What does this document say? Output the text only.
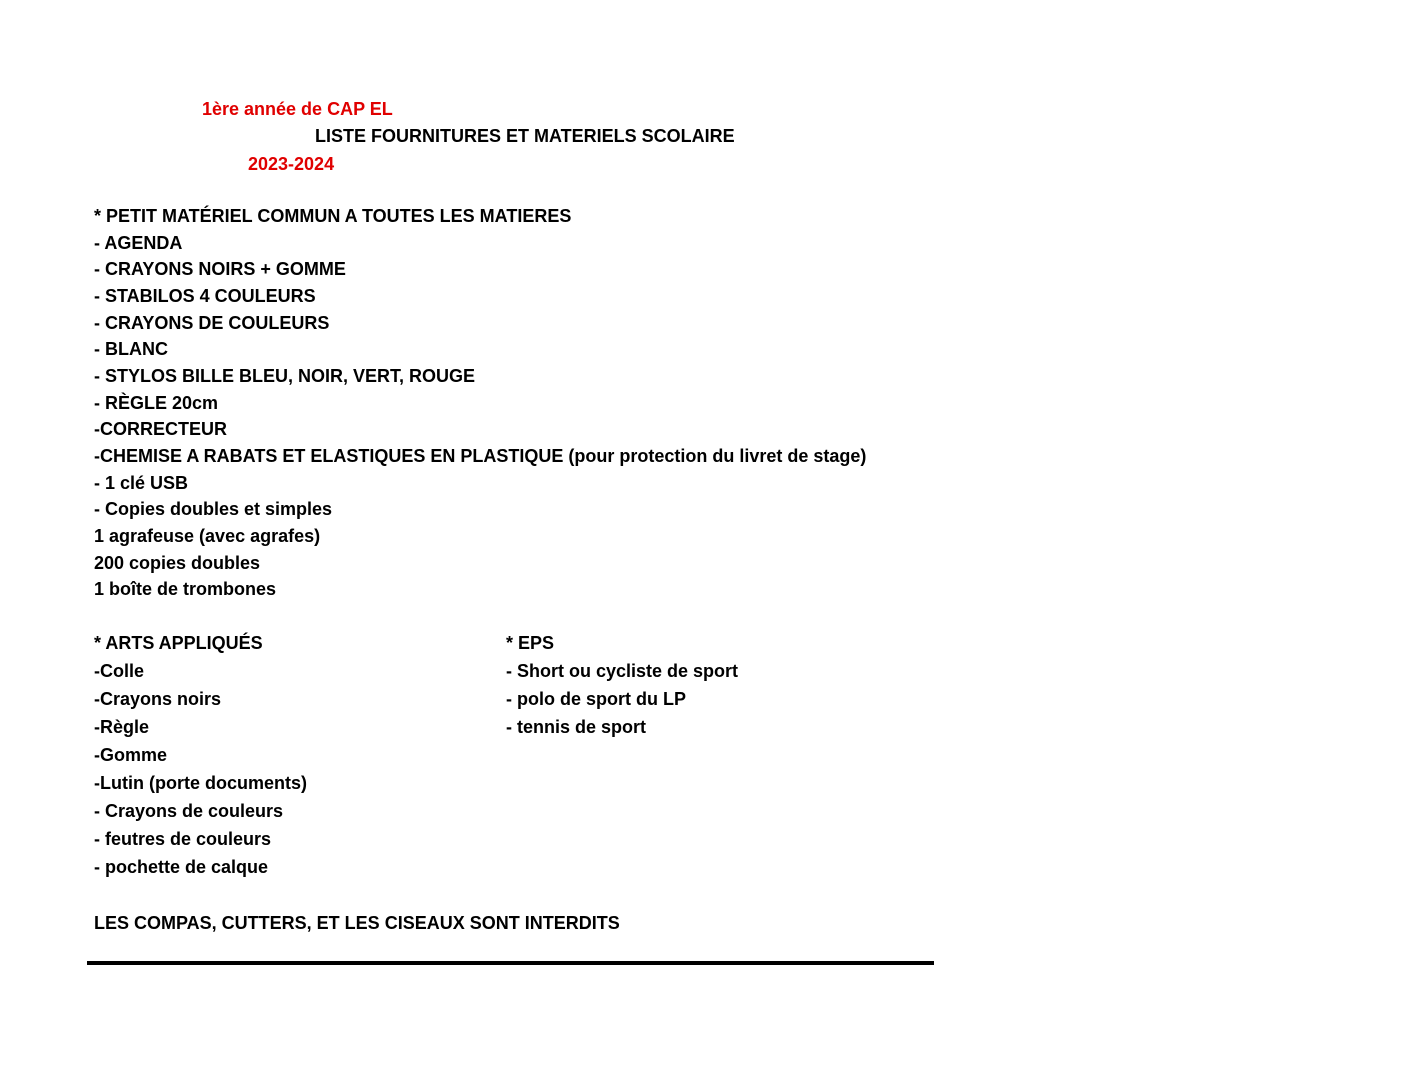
1ère année de CAP EL
LISTE FOURNITURES ET MATERIELS SCOLAIRE
2023-2024
* PETIT MATÉRIEL COMMUN A TOUTES LES MATIERES
- AGENDA
- CRAYONS NOIRS + GOMME
- STABILOS 4 COULEURS
- CRAYONS DE COULEURS
- BLANC
- STYLOS BILLE BLEU, NOIR, VERT, ROUGE
- RÈGLE 20cm
-CORRECTEUR
-CHEMISE A RABATS ET ELASTIQUES EN PLASTIQUE (pour protection du livret de stage)
- 1 clé USB
- Copies doubles et simples
1 agrafeuse (avec agrafes)
200 copies doubles
1 boîte de trombones
* ARTS APPLIQUÉS
-Colle
-Crayons noirs
-Règle
-Gomme
-Lutin (porte documents)
- Crayons de couleurs
- feutres de couleurs
- pochette de calque
* EPS
- Short ou cycliste de sport
- polo de sport du LP
- tennis de sport
LES COMPAS, CUTTERS, ET LES CISEAUX SONT INTERDITS
